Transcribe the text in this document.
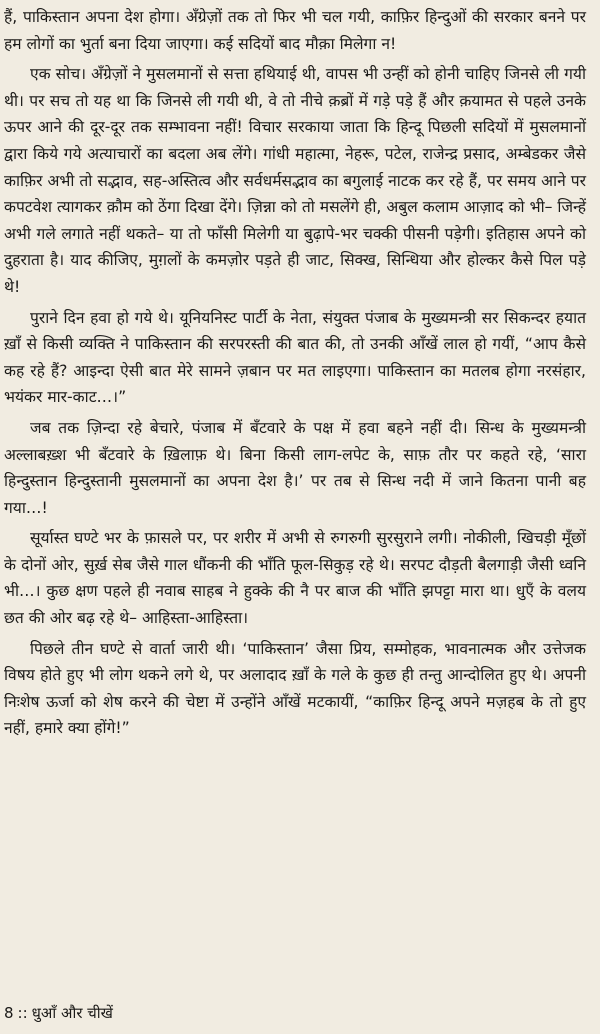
हैं, पाकिस्तान अपना देश होगा। अँग्रेज़ों तक तो फिर भी चल गयी, काफ़िर हिन्दुओं की सरकार बनने पर हम लोगों का भुर्ता बना दिया जाएगा। कई सदियों बाद मौक़ा मिलेगा न!

एक सोच। अँग्रेज़ों ने मुसलमानों से सत्ता हथियाई थी, वापस भी उन्हीं को होनी चाहिए जिनसे ली गयी थी। पर सच तो यह था कि जिनसे ली गयी थी, वे तो नीचे क़ब्रों में गड़े पड़े हैं और क़यामत से पहले उनके ऊपर आने की दूर-दूर तक सम्भावना नहीं! विचार सरकाया जाता कि हिन्दू पिछली सदियों में मुसलमानों द्वारा किये गये अत्याचारों का बदला अब लेंगे। गांधी महात्मा, नेहरू, पटेल, राजेन्द्र प्रसाद, अम्बेडकर जैसे काफ़िर अभी तो सद्भाव, सह-अस्तित्व और सर्वधर्मसद्भाव का बगुलाई नाटक कर रहे हैं, पर समय आने पर कपटवेश त्यागकर क़ौम को ठेंगा दिखा देंगे। ज़िन्ना को तो मसलेंगे ही, अबुल कलाम आज़ाद को भी– जिन्हें अभी गले लगाते नहीं थकते– या तो फाँसी मिलेगी या बुढ़ापे-भर चक्की पीसनी पड़ेगी। इतिहास अपने को दुहराता है। याद कीजिए, मुग़लों के कमज़ोर पड़ते ही जाट, सिक्ख, सिन्धिया और होल्कर कैसे पिल पड़े थे!

पुराने दिन हवा हो गये थे। यूनियनिस्ट पार्टी के नेता, संयुक्त पंजाब के मुख्यमन्त्री सर सिकन्दर हयात ख़ाँ से किसी व्यक्ति ने पाकिस्तान की सरपरस्ती की बात की, तो उनकी आँखें लाल हो गयीं, “आप कैसे कह रहे हैं? आइन्दा ऐसी बात मेरे सामने ज़बान पर मत लाइएगा। पाकिस्तान का मतलब होगा नरसंहार, भयंकर मार-काट…।”

जब तक ज़िन्दा रहे बेचारे, पंजाब में बँटवारे के पक्ष में हवा बहने नहीं दी। सिन्ध के मुख्यमन्त्री अल्लाबख़्श भी बँटवारे के ख़िलाफ़ थे। बिना किसी लाग-लपेट के, साफ़ तौर पर कहते रहे, ‘सारा हिन्दुस्तान हिन्दुस्तानी मुसलमानों का अपना देश है।’ पर तब से सिन्ध नदी में जाने कितना पानी बह गया…!

सूर्यास्त घण्टे भर के फ़ासले पर, पर शरीर में अभी से रुगरुगी सुरसुराने लगी। नोकीली, खिचड़ी मूँछों के दोनों ओर, सुर्ख़ सेब जैसे गाल धौंकनी की भाँति फूल-सिकुड़ रहे थे। सरपट दौड़ती बैलगाड़ी जैसी ध्वनि भी…। कुछ क्षण पहले ही नवाब साहब ने हुक्के की नै पर बाज की भाँति झपट्टा मारा था। धुएँ के वलय छत की ओर बढ़ रहे थे– आहिस्ता-आहिस्ता।

पिछले तीन घण्टे से वार्ता जारी थी। ‘पाकिस्तान’ जैसा प्रिय, सम्मोहक, भावनात्मक और उत्तेजक विषय होते हुए भी लोग थकने लगे थे, पर अलादाद ख़ाँ के गले के कुछ ही तन्तु आन्दोलित हुए थे। अपनी निःशेष ऊर्जा को शेष करने की चेष्टा में उन्होंने आँखें मटकायीं, “काफ़िर हिन्दू अपने मज़हब के तो हुए नहीं, हमारे क्या होंगे!”

8 :: धुआँ और चीखें
